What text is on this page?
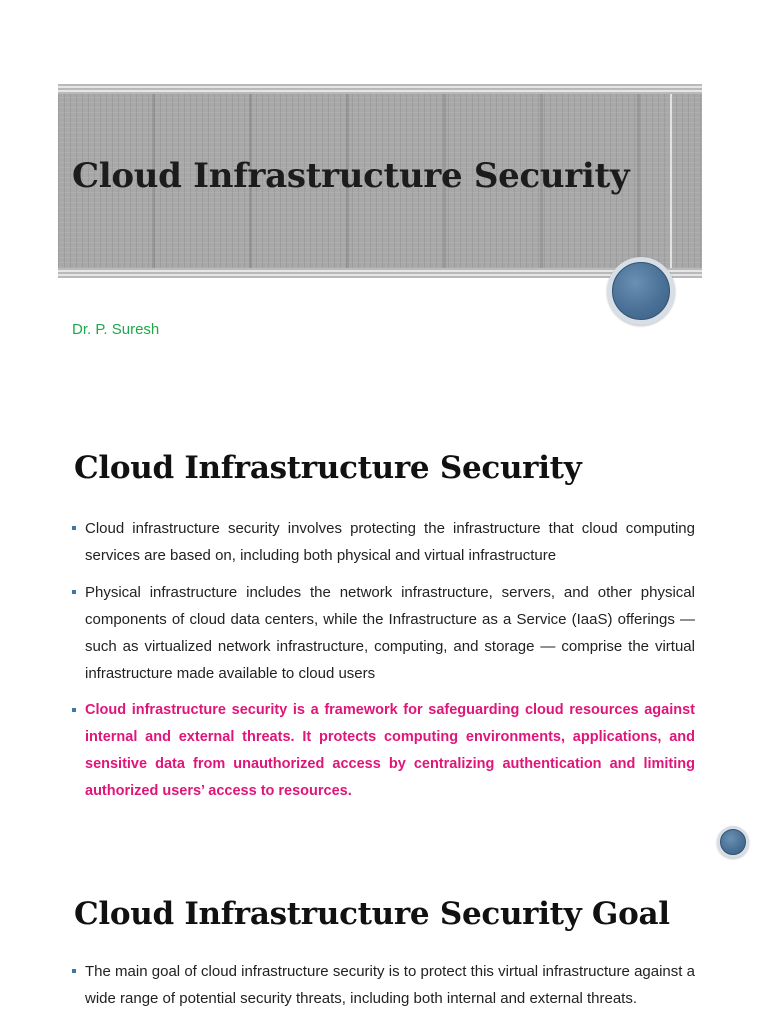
Cloud Infrastructure Security

Dr. P. Suresh

Cloud Infrastructure Security
Cloud infrastructure security involves protecting the infrastructure that cloud computing services are based on, including both physical and virtual infrastructure
Physical infrastructure includes the network infrastructure, servers, and other physical components of cloud data centers, while the Infrastructure as a Service (IaaS) offerings — such as virtualized network infrastructure, computing, and storage — comprise the virtual infrastructure made available to cloud users
Cloud infrastructure security is a framework for safeguarding cloud resources against internal and external threats. It protects computing environments, applications, and sensitive data from unauthorized access by centralizing authentication and limiting authorized users’ access to resources.
Cloud Infrastructure Security Goal
The main goal of cloud infrastructure security is to protect this virtual infrastructure against a wide range of potential security threats, including both internal and external threats.
